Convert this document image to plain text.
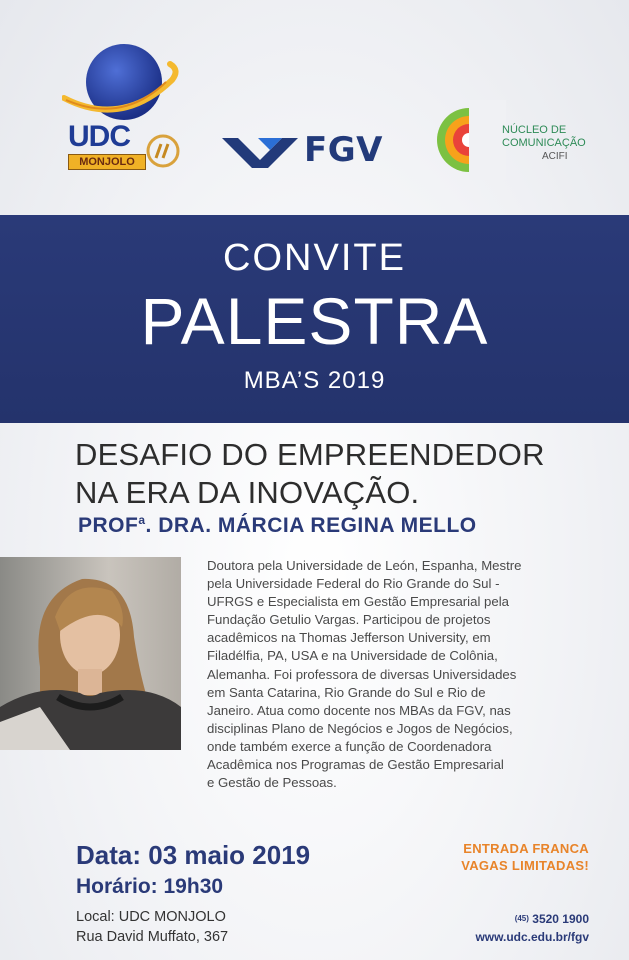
UDC
MONJOLO	FGV	NÚCLEO DE
COMUNICAÇÃO
ACIFI
CONVITE
PALESTRA
MBA’S 2019
DESAFIO DO EMPREENDEDOR
NA ERA DA INOVAÇÃO.
PROF$^a$. DRA. MÁRCIA REGINA MELLO
Doutora pela Universidade de León, Espanha, Mestre
pela Universidade Federal do Rio Grande do Sul -
UFRGS e Especialista em Gestão Empresarial pela
Fundação Getulio Vargas. Participou de projetos
acadêmicos na Thomas Jefferson University, em
Filadélfia, PA, USA e na Universidade de Colônia,
Alemanha. Foi professora de diversas Universidades
em Santa Catarina, Rio Grande do Sul e Rio de
Janeiro. Atua como docente nos MBAs da FGV, nas
disciplinas Plano de Negócios e Jogos de Negócios,
onde também exerce a função de Coordenadora
Acadêmica nos Programas de Gestão Empresarial
e Gestão de Pessoas.
Data: 03 maio 2019
Horário: 19h30
Local: UDC MONJOLO
Rua David Muffato, 367
ENTRADA FRANCA
VAGAS LIMITADAS!
(45) 3520 1900
www.udc.edu.br/fgv
